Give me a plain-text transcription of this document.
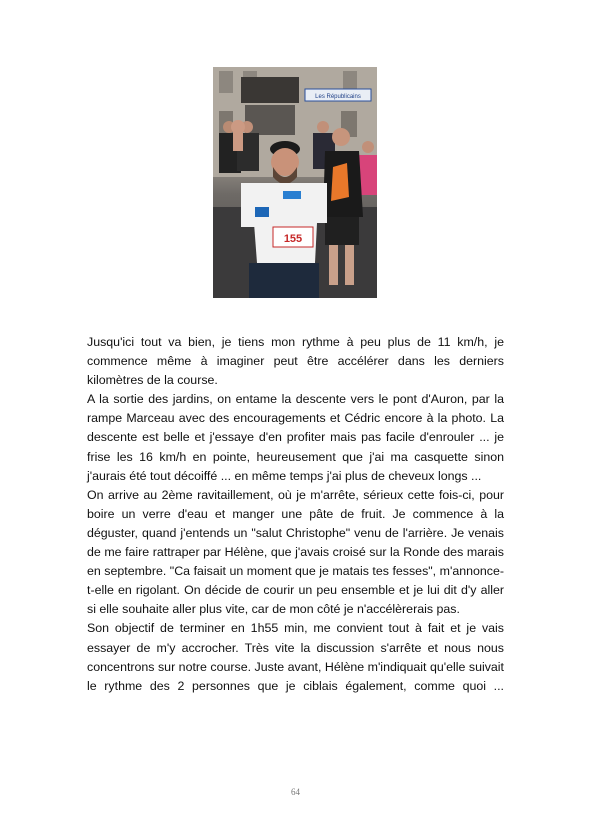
Les Républicains
155

Jusqu'ici tout va bien, je tiens mon rythme à peu plus de 11 km/h, je commence même à imaginer peut être accélérer dans les derniers kilomètres de la course.

A la sortie des jardins, on entame la descente vers le pont d'Auron, par la rampe Marceau avec des encouragements et Cédric encore à la photo. La descente est belle et j'essaye d'en profiter mais pas facile d'enrouler ... je frise les 16 km/h en pointe, heureusement que j'ai ma casquette sinon j'aurais été tout décoiffé ... en même temps j'ai plus de cheveux longs ...

On arrive au 2ème ravitaillement, où je m'arrête, sérieux cette fois-ci, pour boire un verre d'eau et manger une pâte de fruit. Je commence à la déguster, quand j'entends un "salut Christophe" venu de l'arrière. Je venais de me faire rattraper par Hélène, que j'avais croisé sur la Ronde des marais en septembre. "Ca faisait un moment que je matais tes fesses", m'annonce-t-elle en rigolant. On décide de courir un peu ensemble et je lui dit d'y aller si elle souhaite aller plus vite, car de mon côté je n'accélèrerais pas.

Son objectif de terminer en 1h55 min, me convient tout à fait et je vais essayer de m'y accrocher. Très vite la discussion s'arrête et nous nous concentrons sur notre course. Juste avant, Hélène m'indiquait qu'elle suivait le rythme des 2 personnes que je ciblais également, comme quoi ...

64
